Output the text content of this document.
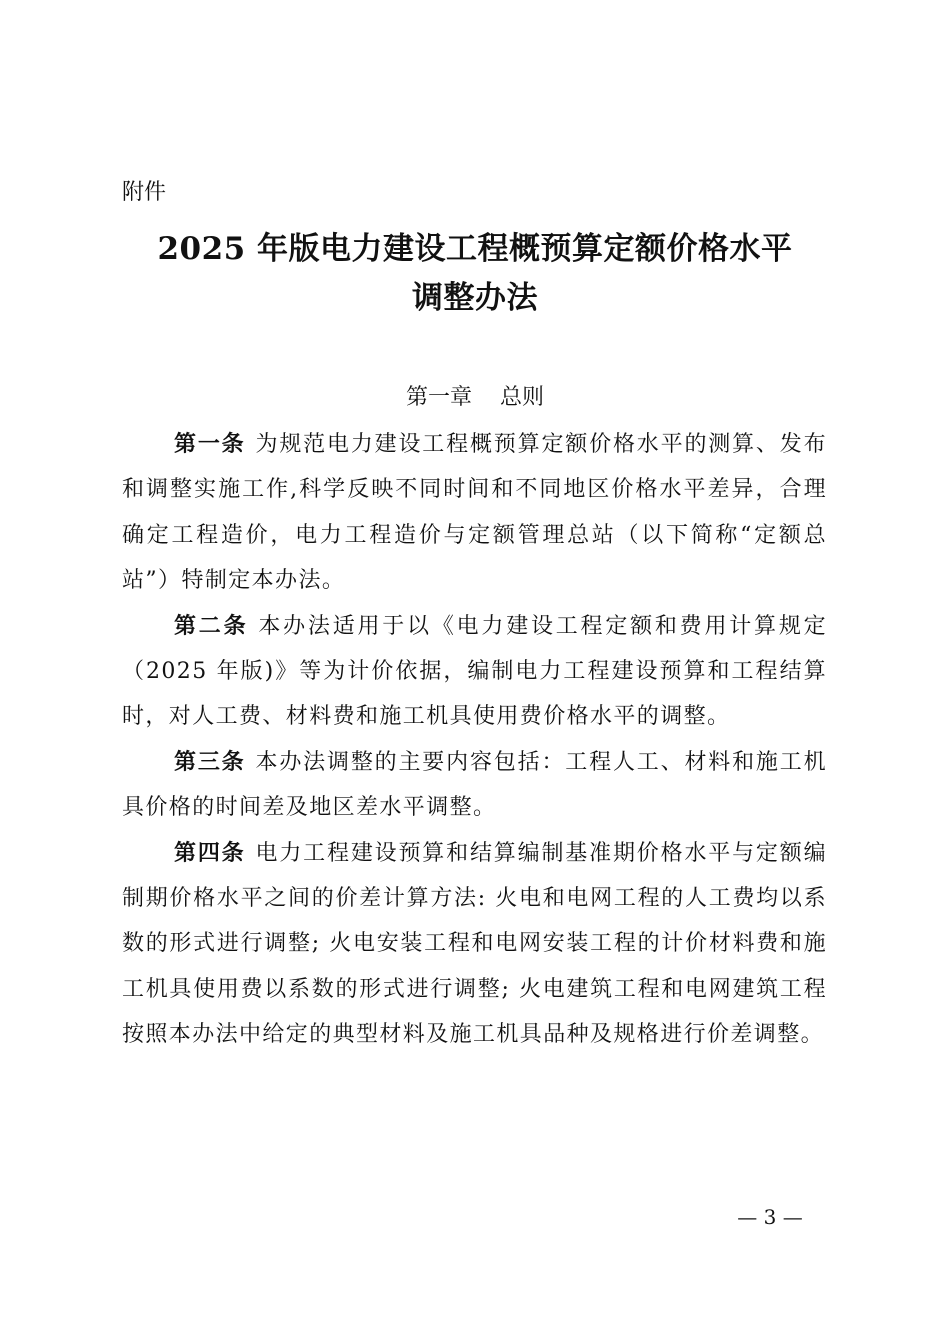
附件
2025 年版电力建设工程概预算定额价格水平
调整办法
第一章    总则

第一条 为规范电力建设工程概预算定额价格水平的测算、发布和调整实施工作,科学反映不同时间和不同地区价格水平差异，合理确定工程造价，电力工程造价与定额管理总站（以下简称“定额总站”）特制定本办法。

第二条 本办法适用于以《电力建设工程定额和费用计算规定（2025 年版)》等为计价依据，编制电力工程建设预算和工程结算时，对人工费、材料费和施工机具使用费价格水平的调整。

第三条 本办法调整的主要内容包括：工程人工、材料和施工机具价格的时间差及地区差水平调整。

第四条 电力工程建设预算和结算编制基准期价格水平与定额编制期价格水平之间的价差计算方法: 火电和电网工程的人工费均以系数的形式进行调整; 火电安装工程和电网安装工程的计价材料费和施工机具使用费以系数的形式进行调整; 火电建筑工程和电网建筑工程按照本办法中给定的典型材料及施工机具品种及规格进行价差调整。

— 3 —
